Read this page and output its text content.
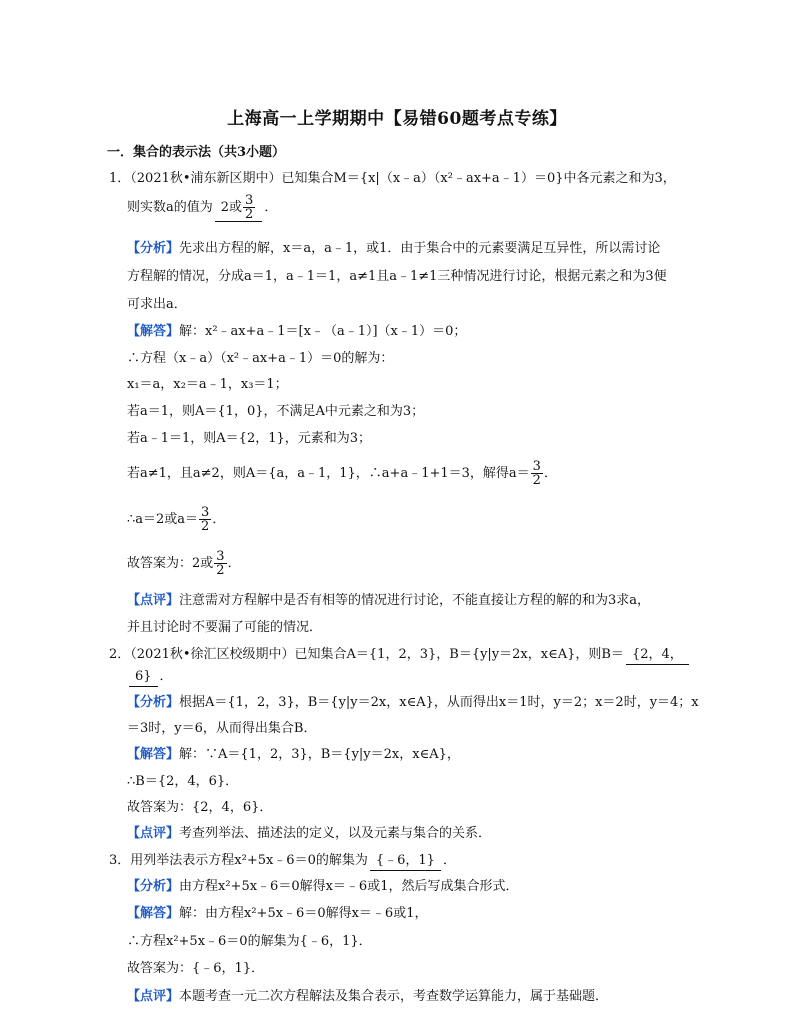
上海高一上学期期中【易错60题考点专练】
一．集合的表示法（共3小题）
1．（2021秋•浦东新区期中）已知集合M＝{x|（x﹣a）（x²﹣ax+a﹣1）＝0}中各元素之和为3，
则实数a的值为 2或 $\frac{3}{2}$ ．
【分析】先求出方程的解，x＝a，a﹣1，或1．由于集合中的元素要满足互异性，所以需讨论
方程解的情况，分成a＝1，a﹣1＝1，a≠1且a﹣1≠1三种情况进行讨论，根据元素之和为3便
可求出a．
【解答】解：x²﹣ax+a﹣1＝[x﹣（a﹣1）]（x﹣1）＝0；
∴方程（x﹣a）（x²﹣ax+a﹣1）＝0的解为：
x₁＝a，x₂＝a﹣1，x₃＝1；
若a＝1，则A＝{1，0}，不满足A中元素之和为3；
若a﹣1＝1，则A＝{2，1}，元素和为3；
若a≠1，且a≠2，则A＝{a，a﹣1，1}，∴a+a﹣1+1＝3，解得$a= \frac{3}{2}$ ．
∴a＝2或$a= \frac{3}{2}$ ．
故答案为：2或 $\frac{3}{2}$ ．
【点评】注意需对方程解中是否有相等的情况进行讨论，不能直接让方程的解的和为3求a，
并且讨论时不要漏了可能的情况．
2．（2021秋•徐汇区校级期中）已知集合A＝{1，2，3}，B＝{y|y＝2x，x∈A}，则B＝ {2，4，
6} ．
【分析】根据A＝{1，2，3}，B＝{y|y＝2x，x∈A}，从而得出x＝1时，y＝2；x＝2时，y＝4；x
＝3时，y＝6，从而得出集合B．
【解答】解：∵A＝{1，2，3}，B＝{y|y＝2x，x∈A}，
∴B＝{2，4，6}．
故答案为：{2，4，6}．
【点评】考查列举法、描述法的定义，以及元素与集合的关系．
3．用列举法表示方程x²+5x﹣6＝0的解集为 {﹣6，1} ．
【分析】由方程x²+5x﹣6＝0解得x＝﹣6或1，然后写成集合形式．
【解答】解：由方程x²+5x﹣6＝0解得x＝﹣6或1，
∴方程x²+5x﹣6＝0的解集为{﹣6，1}．
故答案为：{﹣6，1}．
【点评】本题考查一元二次方程解法及集合表示，考查数学运算能力，属于基础题．
